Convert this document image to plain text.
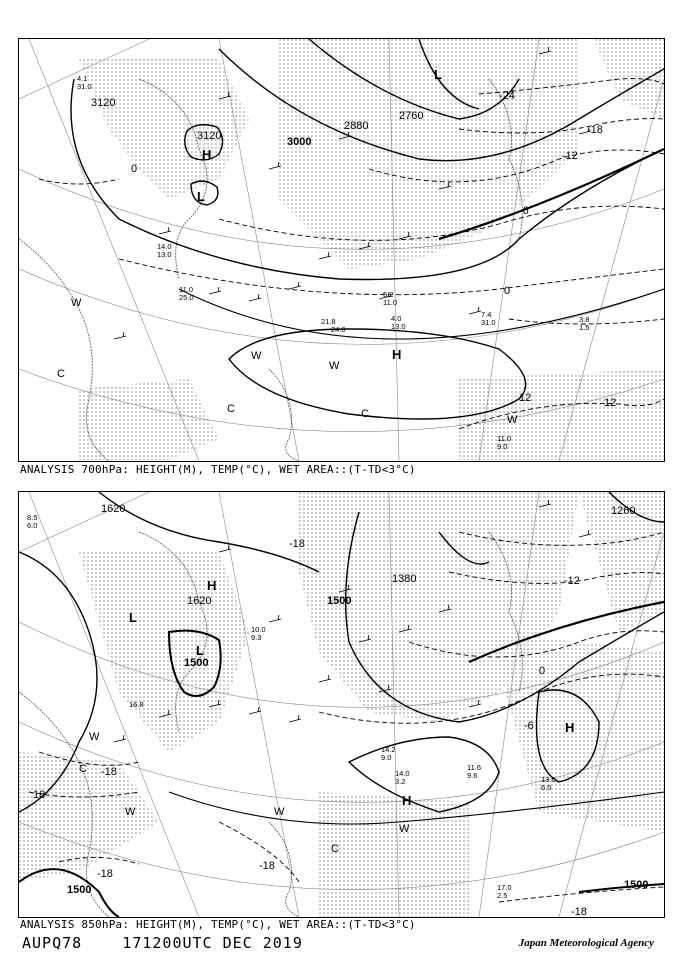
3120
3120	3000
2880
2760
-24
-18
-12
-6
0
0
12	12
H
L
L
H
W
W
W
W
C
C	C
4.1
31.0
14.0
13.0
11.0
25.0
21.8
24.0
5.2
11.0
4.0
13.0
7.4
31.0	3.8
1.5
11.0
9.0
ANALYSIS 700hPa: HEIGHT(M), TEMP(°C), WET AREA::(T-TD<3°C)
1620
1620
1500
1500
1380
1260
1500	1500
-18
-12
-6
0
-18
18
-18
-18
-18
H
L
L
H
H
W
W	W
W
C
C
8.5
6.0
16.8
14.2
9.0
14.0
3.2
11.6
9.6	13.6
6.0
17.0
2.5
10.0
9.3
ANALYSIS 850hPa: HEIGHT(M), TEMP(°C), WET AREA::(T-TD<3°C)
AUPQ78	171200UTC DEC 2019	Japan Meteorological Agency
